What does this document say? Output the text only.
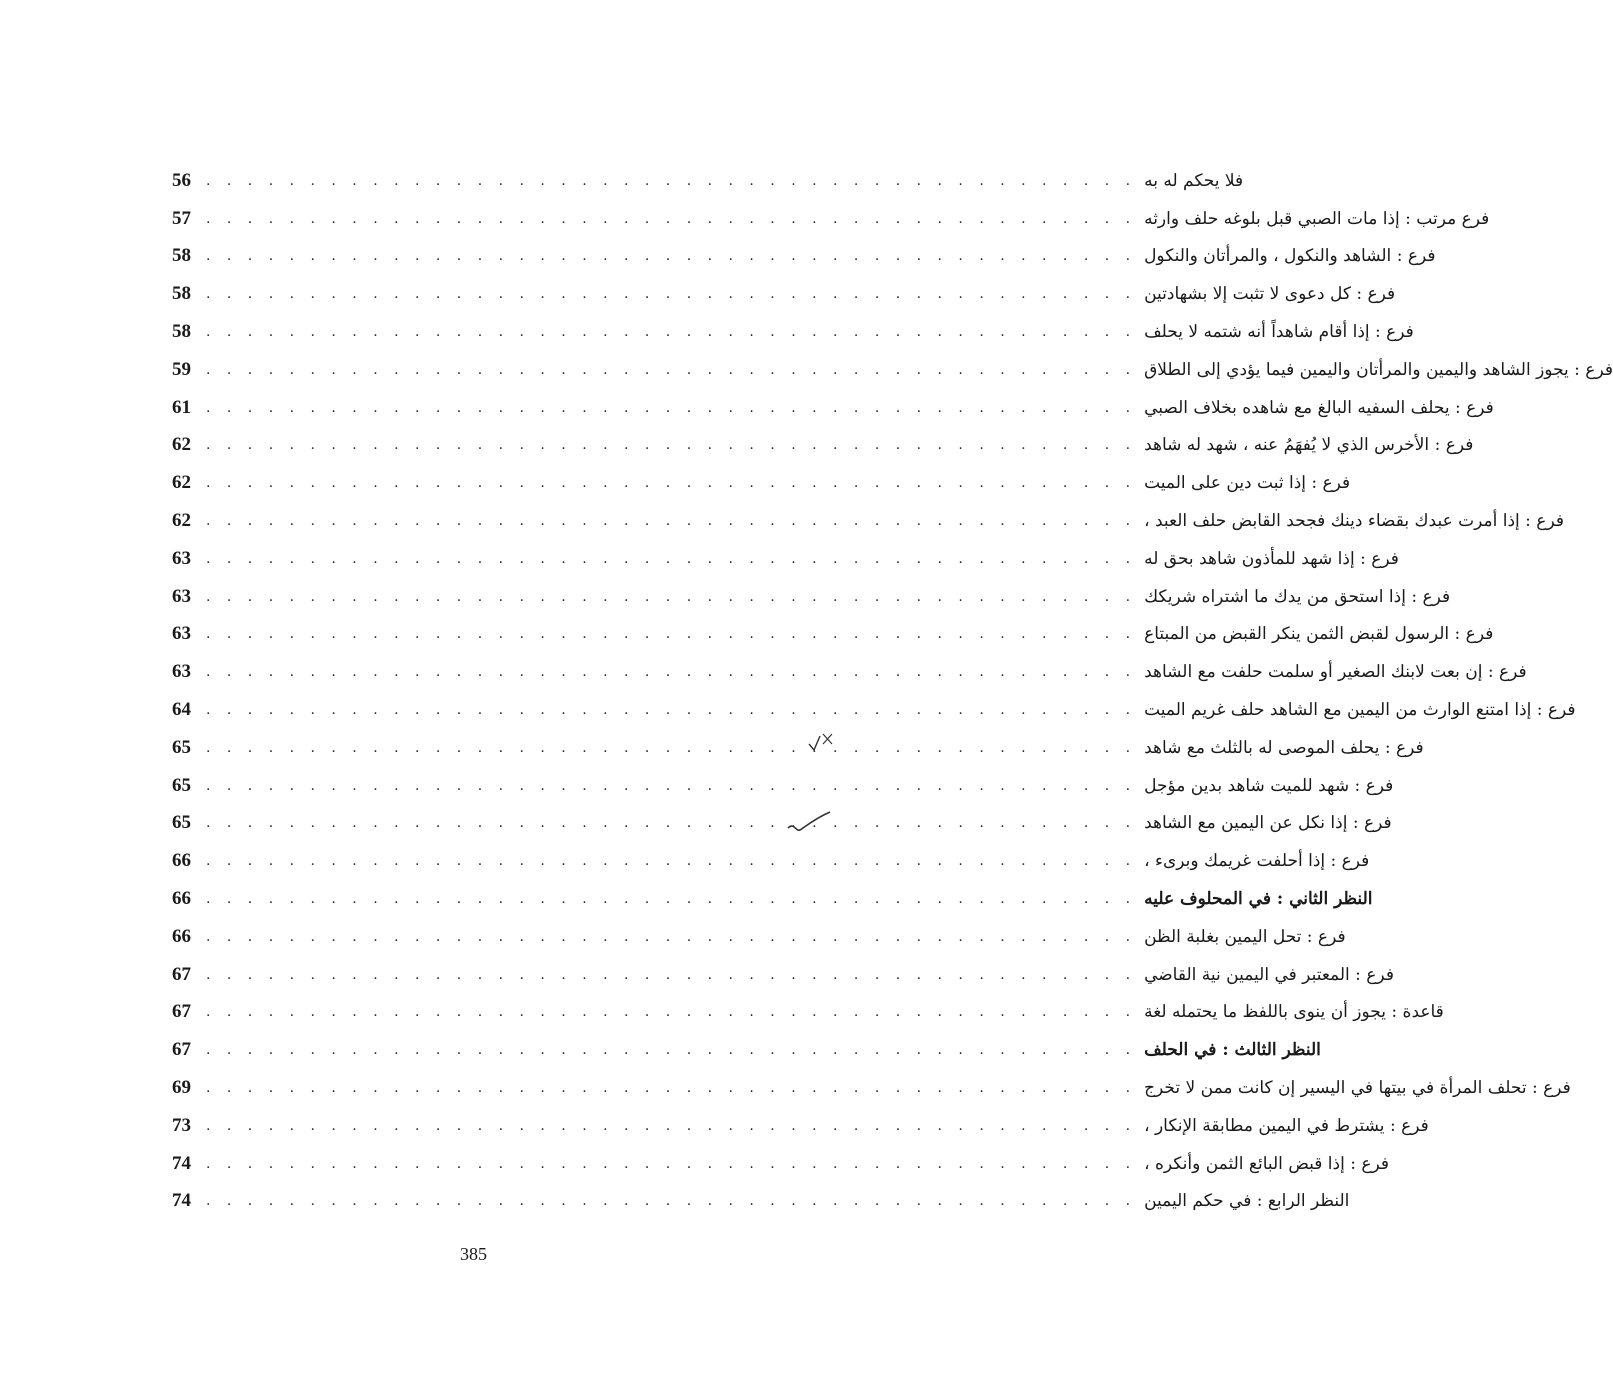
56	. . . . . . . . . . . . . . . . . . . . . . . . . . . . . . . . . . . . . . . . . . . . . فلا يحكم له به
57	. . . . . . . . . . . . . . . . . . . . . . . . . . . . . . . . . . . . . . . . . . . . . فرع مرتب : إذا مات الصبي قبل بلوغه حلف وارثه
58	. . . . . . . . . . . . . . . . . . . . . . . . . . . . . . . . . . . . . . . . . . . . . فرع : الشاهد والنكول ، والمرأتان والنكول
58	. . . . . . . . . . . . . . . . . . . . . . . . . . . . . . . . . . . . . . . . . . . . . فرع : كل دعوى لا تثبت إلا بشهادتين
58	. . . . . . . . . . . . . . . . . . . . . . . . . . . . . . . . . . . . . . . . . . . . . فرع : إذا أقام شاهداً أنه شتمه لا يحلف
59	. . . . . . . . . . . . . . . . . . . . . . . . . . . . . . . . . . . . . . . . . . . . . فرع : يجوز الشاهد واليمين والمرأتان واليمين فيما يؤدي إلى الطلاق
61	. . . . . . . . . . . . . . . . . . . . . . . . . . . . . . . . . . . . . . . . . . . . . فرع : يحلف السفيه البالغ مع شاهده بخلاف الصبي
62	. . . . . . . . . . . . . . . . . . . . . . . . . . . . . . . . . . . . . . . . . . . . . فرع : الأخرس الذي لا يُفهَمُ عنه ، شهد له شاهد
62	. . . . . . . . . . . . . . . . . . . . . . . . . . . . . . . . . . . . . . . . . . . . . فرع : إذا ثبت دين على الميت
62	. . . . . . . . . . . . . . . . . . . . . . . . . . . . . . . . . . . . . . . . . . . . . فرع : إذا أمرت عبدك بقضاء دينك فجحد القابض حلف العبد ،
63	. . . . . . . . . . . . . . . . . . . . . . . . . . . . . . . . . . . . . . . . . . . . . فرع : إذا شهد للمأذون شاهد بحق له
63	. . . . . . . . . . . . . . . . . . . . . . . . . . . . . . . . . . . . . . . . . . . . . فرع : إذا استحق من يدك ما اشتراه شريكك
63	. . . . . . . . . . . . . . . . . . . . . . . . . . . . . . . . . . . . . . . . . . . . . فرع : الرسول لقبض الثمن ينكر القبض من المبتاع
63	. . . . . . . . . . . . . . . . . . . . . . . . . . . . . . . . . . . . . . . . . . . . . فرع : إن بعت لابنك الصغير أو سلمت حلفت مع الشاهد
64	. . . . . . . . . . . . . . . . . . . . . . . . . . . . . . . . . . . . . . . . . . . . . فرع : إذا امتنع الوارث من اليمين مع الشاهد حلف غريم الميت
65	. . . . . . . . . . . . . . . . . . . . . . . . . . . . . . . . . . . . . . . . . . . . . فرع : يحلف الموصى له بالثلث مع شاهد
65	. . . . . . . . . . . . . . . . . . . . . . . . . . . . . . . . . . . . . . . . . . . . . فرع : شهد للميت شاهد بدين مؤجل
65	. . . . . . . . . . . . . . . . . . . . . . . . . . . . . . . . . . . . . . . . . . . . . فرع : إذا نكل عن اليمين مع الشاهد
66	. . . . . . . . . . . . . . . . . . . . . . . . . . . . . . . . . . . . . . . . . . . . . فرع : إذا أحلفت غريمك وبرىء ،
66	. . . . . . . . . . . . . . . . . . . . . . . . . . . . . . . . . . . . . . . . . . . . . النظر الثاني : في المحلوف عليه
66	. . . . . . . . . . . . . . . . . . . . . . . . . . . . . . . . . . . . . . . . . . . . . فرع : تحل اليمين بغلبة الظن
67	. . . . . . . . . . . . . . . . . . . . . . . . . . . . . . . . . . . . . . . . . . . . . فرع : المعتبر في اليمين نية القاضي
67	. . . . . . . . . . . . . . . . . . . . . . . . . . . . . . . . . . . . . . . . . . . . . قاعدة : يجوز أن ينوى باللفظ ما يحتمله لغة
67	. . . . . . . . . . . . . . . . . . . . . . . . . . . . . . . . . . . . . . . . . . . . . النظر الثالث : في الحلف
69	. . . . . . . . . . . . . . . . . . . . . . . . . . . . . . . . . . . . . . . . . . . . . فرع : تحلف المرأة في بيتها في اليسير إن كانت ممن لا تخرج
73	. . . . . . . . . . . . . . . . . . . . . . . . . . . . . . . . . . . . . . . . . . . . . فرع : يشترط في اليمين مطابقة الإنكار ،
74	. . . . . . . . . . . . . . . . . . . . . . . . . . . . . . . . . . . . . . . . . . . . . فرع : إذا قبض البائع الثمن وأنكره ،
74	. . . . . . . . . . . . . . . . . . . . . . . . . . . . . . . . . . . . . . . . . . . . . النظر الرابع : في حكم اليمين
385
